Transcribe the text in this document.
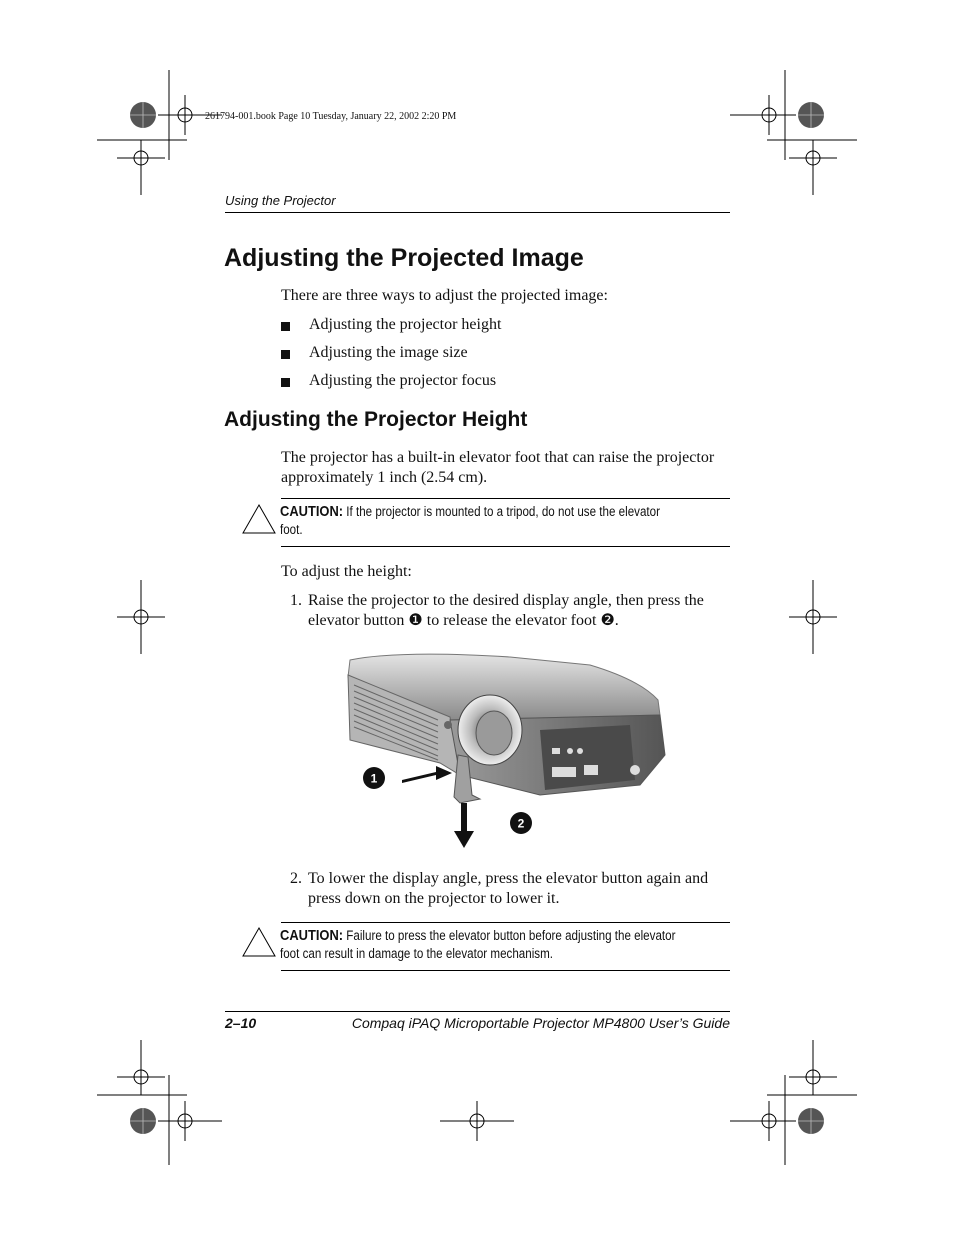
261794-001.book Page 10 Tuesday, January 22, 2002 2:20 PM
Using the Projector
Adjusting the Projected Image
There are three ways to adjust the projected image:
Adjusting the projector height
Adjusting the image size
Adjusting the projector focus
Adjusting the Projector Height
The projector has a built-in elevator foot that can raise the projector approximately 1 inch (2.54 cm).
CAUTION: If the projector is mounted to a tripod, do not use the elevator foot.
To adjust the height:
1. Raise the projector to the desired display angle, then press the elevator button ❶ to release the elevator foot ❷.
1
2
2. To lower the display angle, press the elevator button again and press down on the projector to lower it.
CAUTION: Failure to press the elevator button before adjusting the elevator foot can result in damage to the elevator mechanism.
2–10	Compaq iPAQ Microportable Projector MP4800 User’s Guide
